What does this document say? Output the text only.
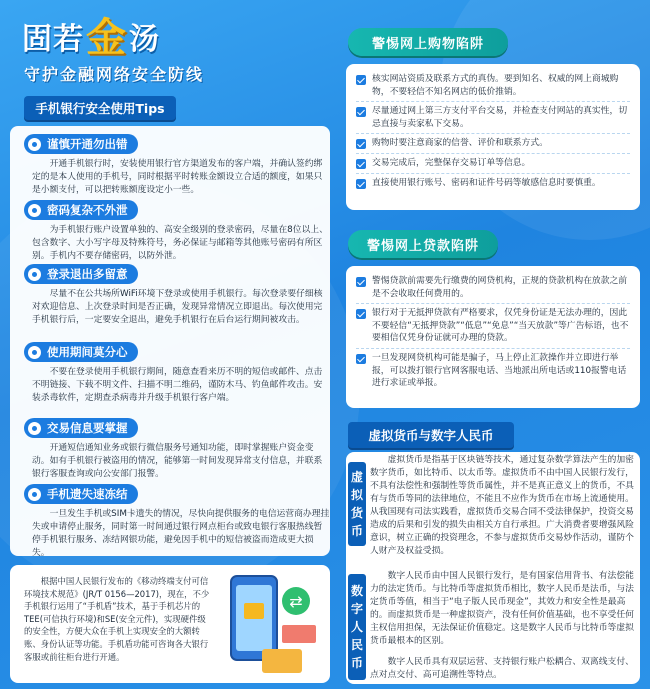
固若 金 汤
守护金融网络安全防线
手机银行安全使用Tips
谨慎开通勿出错
开通手机银行时，安装使用银行官方渠道发布的客户端，并确认签约绑定的是本人使用的手机号，同时根据平时转账金额设立合适的额度，如果只是小额支付，可以把转账额度设定小一些。
密码复杂不外泄
为手机银行账户设置单独的、高安全级别的登录密码，尽量在8位以上、包含数字、大小写字母及特殊符号，务必保证与邮箱等其他账号密码有所区别。手机内不要存储密码，以防外泄。
登录退出多留意
尽量不在公共场所WiFi环境下登录或使用手机银行。每次登录要仔细核对欢迎信息、上次登录时间是否正确，发现异常情况立即退出。每次使用完手机银行后，一定要安全退出，避免手机银行在后台运行期间被攻击。
使用期间莫分心
不要在登录使用手机银行期间，随意查看来历不明的短信或邮件、点击不明链接、下载不明文件、扫描不明二维码，谨防木马、钓鱼邮件攻击。安装杀毒软件，定期查杀病毒并升级手机银行客户端。
交易信息要掌握
开通短信通知业务或银行微信服务号通知功能，即时掌握账户资金变动。如有手机银行被盗用的情况，能够第一时间发现异常支付信息，并联系银行客服查询或向公安部门报警。
手机遗失速冻结
一旦发生手机或SIM卡遗失的情况，尽快向提供服务的电信运营商办理挂失或申请停止服务，同时第一时间通过银行网点柜台或致电银行客服热线暂停手机银行服务、冻结网银功能，避免因手机中的短信被盗而造成更大损失。
根据中国人民银行发布的《移动终端支付可信环境技术规范》(JR/T 0156—2017)，现在，不少手机银行运用了“手机盾”技术，基于手机芯片的TEE(可信执行环境)和SE(安全元件)，实现硬件级的安全性，方便大众在手机上实现安全的大额转账、身份认证等功能。手机盾功能可咨询各大银行客服或前往柜台进行开通。
⇄
警惕网上购物陷阱
核实网站资质及联系方式的真伪。要到知名、权威的网上商城购物，不要轻信不知名网店的低价推销。
尽量通过网上第三方支付平台交易，并检查支付网站的真实性，切忌直接与卖家私下交易。
购物时要注意商家的信誉、评价和联系方式。
交易完成后，完整保存交易订单等信息。
直接使用银行账号、密码和证件号码等敏感信息时要慎重。
警惕网上贷款陷阱
警惕贷款前需要先行缴费的网贷机构，正规的贷款机构在放款之前是不会收取任何费用的。
银行对于无抵押贷款有严格要求，仅凭身份证是无法办理的，因此不要轻信“无抵押贷款”“低息”“免息”“当天放款”等广告标语，也不要相信仅凭身份证就可办理的贷款。
一旦发现网贷机构可能是骗子，马上停止汇款操作并立即进行举报，可以拨打银行官网客服电话、当地派出所电话或110报警电话进行求证或举报。
虚拟货币与数字人民币
虚
拟
货
币
VS
数
字
人
民
币
虚拟货币是指基于区块链等技术，通过复杂数学算法产生的加密数字货币，如比特币、以太币等。虚拟货币不由中国人民银行发行，不具有法偿性和强制性等货币属性，并不是真正意义上的货币，不具有与货币等同的法律地位，不能且不应作为货币在市场上流通使用。从我国现有司法实践看，虚拟货币交易合同不受法律保护，投资交易造成的后果和引发的损失由相关方自行承担。广大消费者要增强风险意识，树立正确的投资理念，不参与虚拟货币交易炒作活动，谨防个人财产及权益受损。
数字人民币由中国人民银行发行，是有国家信用背书、有法偿能力的法定货币。与比特币等虚拟货币相比，数字人民币是法币，与法定货币等值，相当于“电子版人民币现金”，其效力和安全性是最高的。而虚拟货币是一种虚拟资产，没有任何价值基础，也不享受任何主权信用担保，无法保证价值稳定。这是数字人民币与比特币等虚拟货币最根本的区别。
数字人民币具有双层运营、支持银行账户松耦合、双离线支付、点对点交付、高可追溯性等特点。
